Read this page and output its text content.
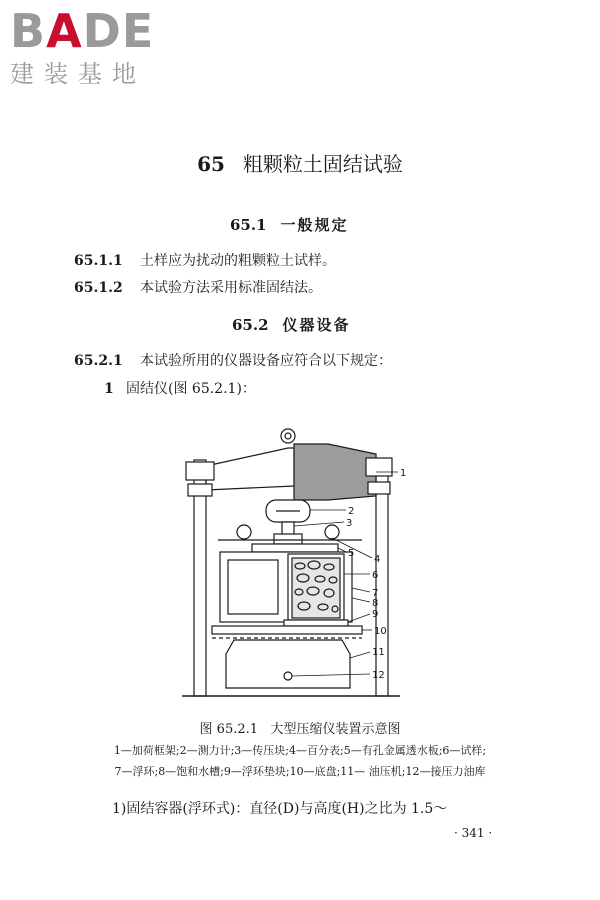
BADE
建装基地
65 粗颗粒土固结试验
65.1 一般规定
65.1.1 土样应为扰动的粗颗粒土试样。
65.1.2 本试验方法采用标准固结法。
65.2 仪器设备
65.2.1 本试验所用的仪器设备应符合以下规定：
1 固结仪(图 65.2.1)：
1
2
3
4
5
6
7
8
9
10
11
12
图 65.2.1 大型压缩仪装置示意图
1—加荷框架;2—测力计;3—传压块;4—百分表;5—有孔金属透水板;6—试样;
7—浮环;8—饱和水槽;9—浮环垫块;10—底盘;11— 油压机;12—接压力油库
1)固结容器(浮环式)：直径(D)与高度(H)之比为 1.5～
· 341 ·
